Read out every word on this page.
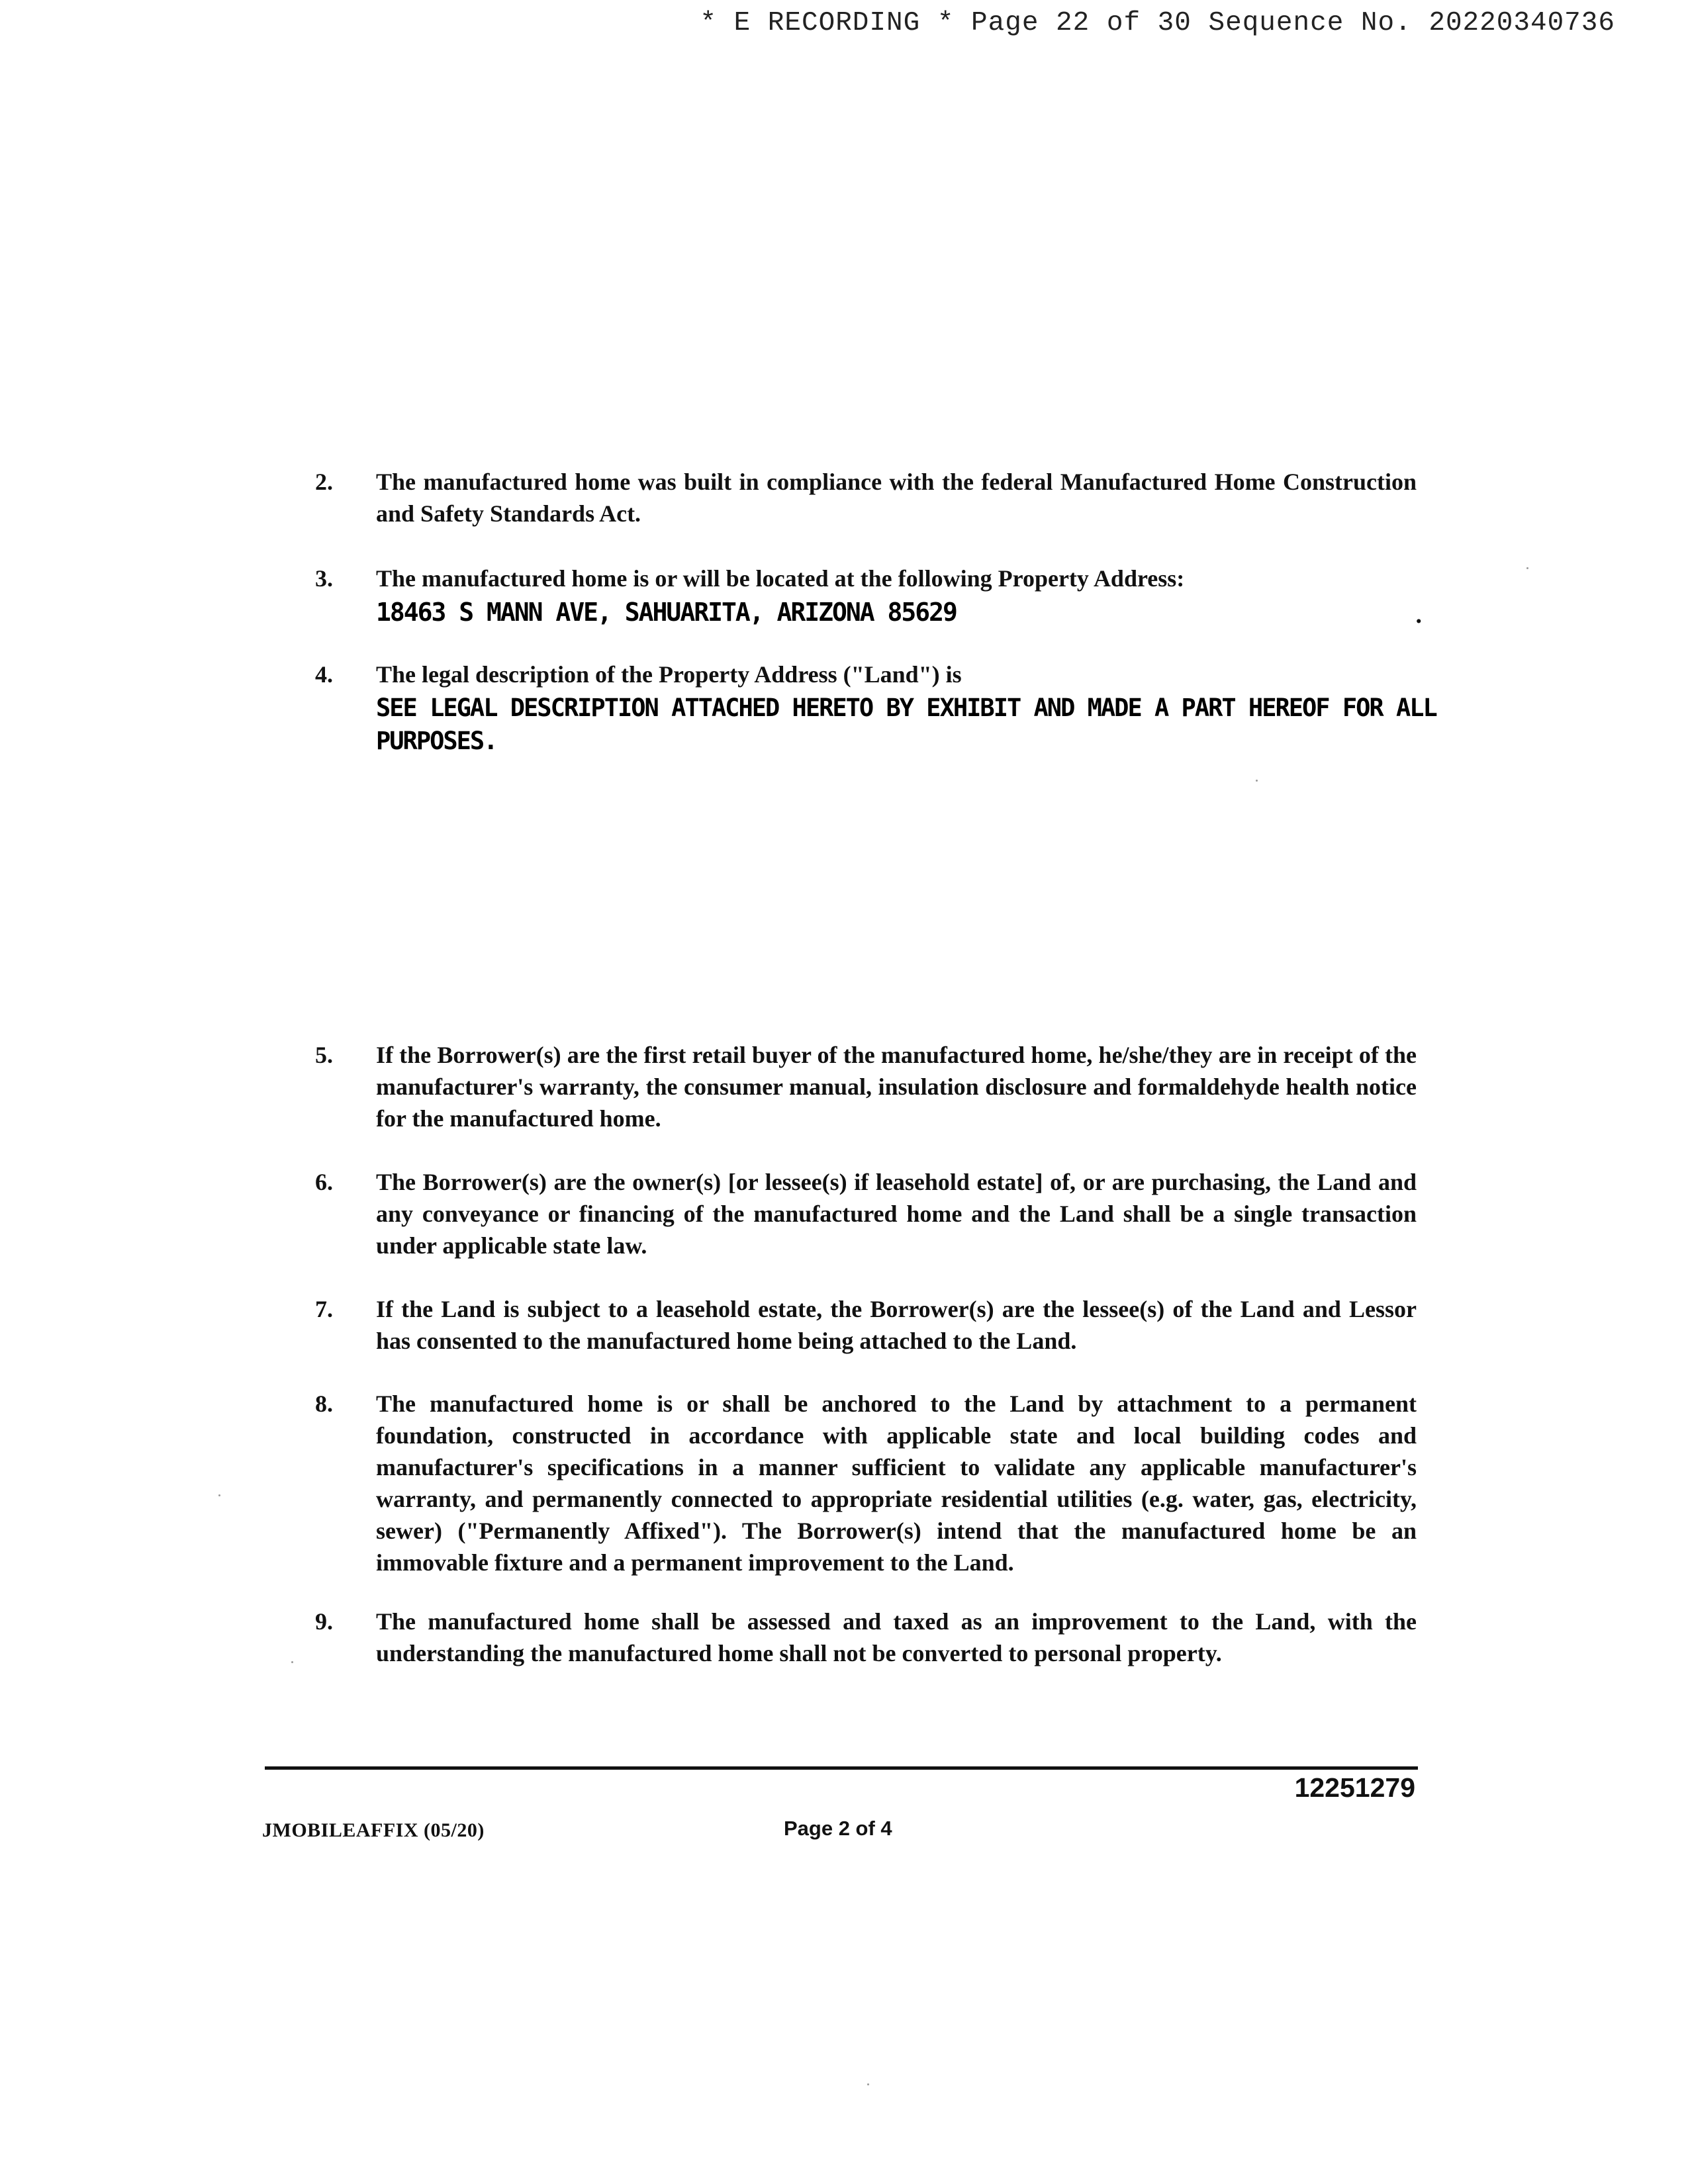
* E RECORDING * Page 22 of 30 Sequence No. 20220340736
2.	The manufactured home was built in compliance with the federal Manufactured Home Construction and Safety Standards Act.

3.	The manufactured home is or will be located at the following Property Address:

18463 S MANN AVE, SAHUARITA, ARIZONA 85629	.
4.	The legal description of the Property Address ("Land") is

SEE LEGAL DESCRIPTION ATTACHED HERETO BY EXHIBIT AND MADE A PART HEREOF FOR ALL PURPOSES.
5.	If the Borrower(s) are the first retail buyer of the manufactured home, he/she/they are in receipt of the manufacturer's warranty, the consumer manual, insulation disclosure and formaldehyde health notice for the manufactured home.

6.	The Borrower(s) are the owner(s) [or lessee(s) if leasehold estate] of, or are purchasing, the Land and any conveyance or financing of the manufactured home and the Land shall be a single transaction under applicable state law.

7.	If the Land is subject to a leasehold estate, the Borrower(s) are the lessee(s) of the Land and Lessor has consented to the manufactured home being attached to the Land.

8.	The manufactured home is or shall be anchored to the Land by attachment to a permanent foundation, constructed in accordance with applicable state and local building codes and manufacturer's specifications in a manner sufficient to validate any applicable manufacturer's warranty, and permanently connected to appropriate residential utilities (e.g. water, gas, electricity, sewer) ("Permanently Affixed"). The Borrower(s) intend that the manufactured home be an immovable fixture and a permanent improvement to the Land.

9.	The manufactured home shall be assessed and taxed as an improvement to the Land, with the understanding the manufactured home shall not be converted to personal property.

12251279
JMOBILEAFFIX (05/20)	Page 2 of 4
